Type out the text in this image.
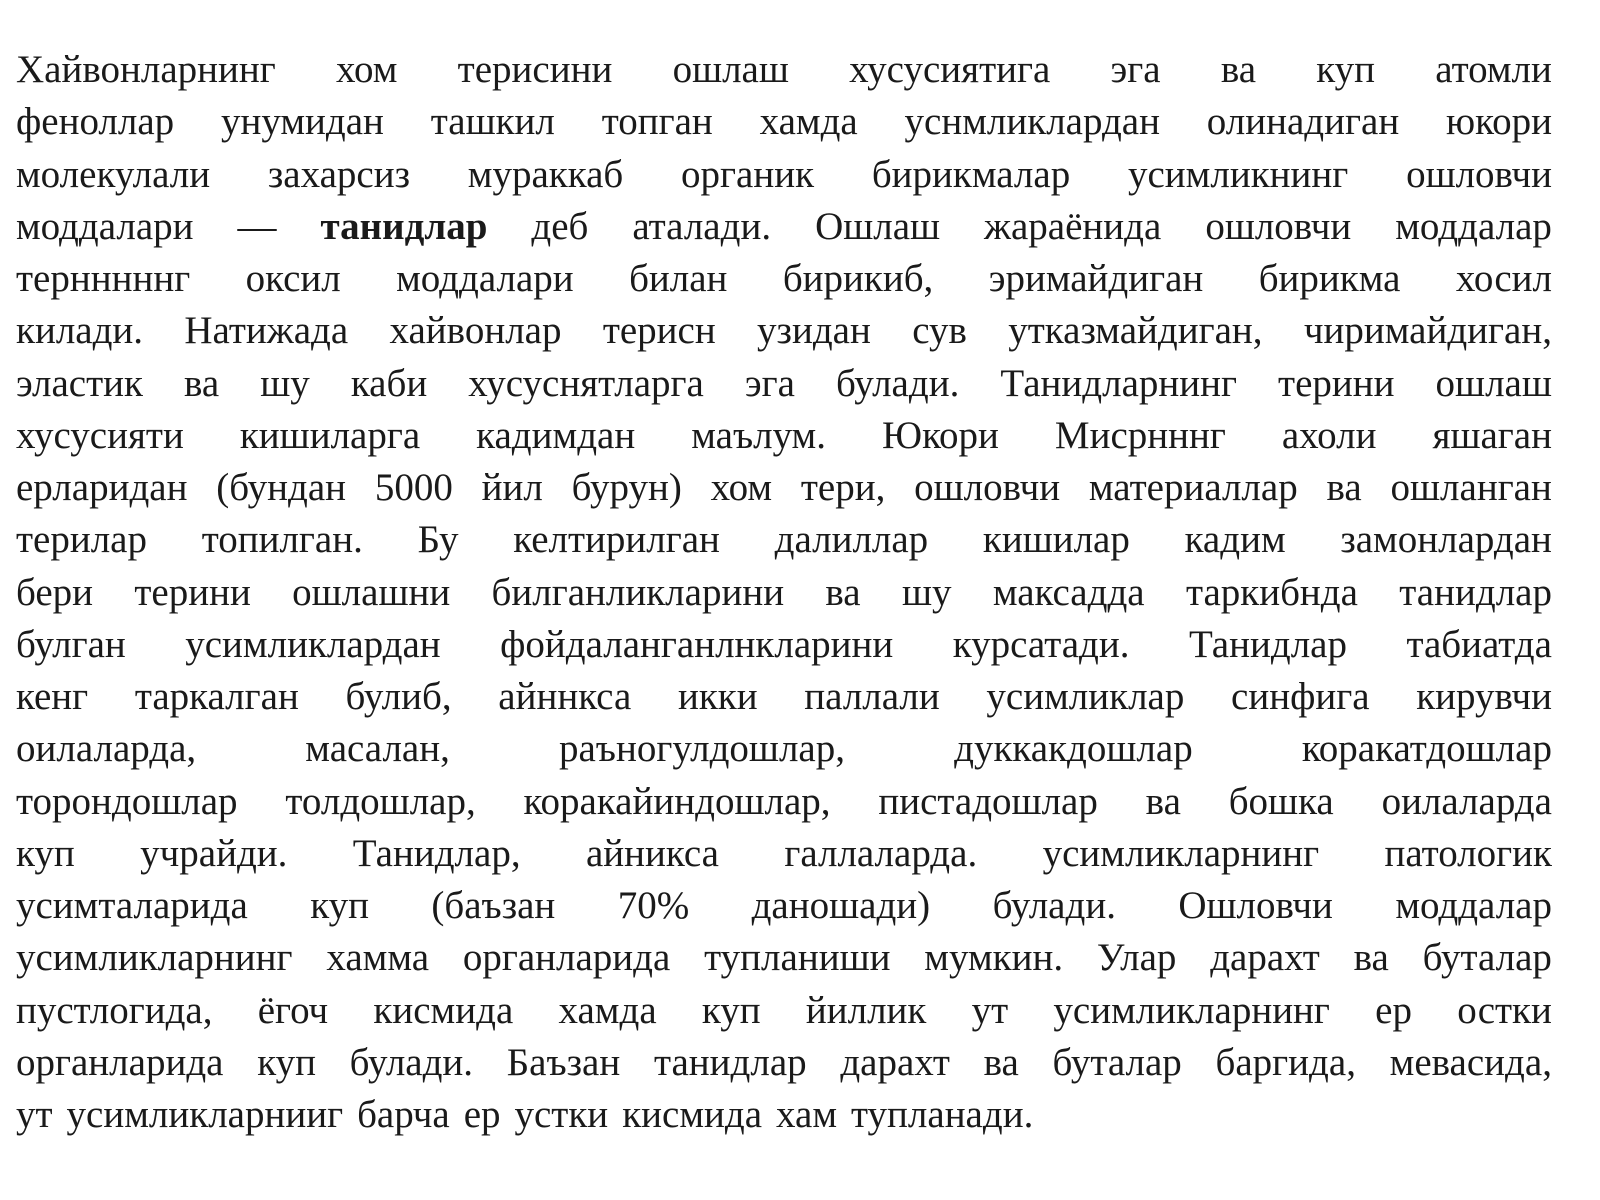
Хайвонларнинг хом терисини ошлаш хусусиятига эга ва куп атомли
феноллар унумидан ташкил топган хамда уснмликлардан олинадиган юкори
молекулали захарсиз мураккаб органик бирикмалар усимликнинг ошловчи
моддалари — танидлар деб аталади. Ошлаш жараёнида ошловчи моддалар
тернннннг оксил моддалари билан бирикиб, эримайдиган бирикма хосил
килади. Натижада хайвонлар терисн узидан сув утказмайдиган, чиримайдиган,
эластик ва шу каби хусуснятларга эга булади. Танидларнинг терини ошлаш
хусусияти кишиларга кадимдан маълум. Юкори Мисрнннг ахоли яшаган
ерларидан (бундан 5000 йил бурун) хом тери, ошловчи материаллар ва ошланган
терилар топилган. Бу келтирилган далиллар кишилар кадим замонлардан
бери терини ошлашни билганликларини ва шу максадда таркибнда танидлар
булган усимликлардан фойдаланганлнкларини курсатади. Танидлар табиатда
кенг таркалган булиб, айннкса икки паллали усимликлар синфига кирувчи
оилаларда,	масалан,	раъногулдошлар,	дуккакдошлар	коракатдошлар
торондошлар толдошлар, коракайиндошлар, пистадошлар ва бошка оилаларда
куп учрайди. Танидлар, айникса галлаларда. усимликларнинг патологик
усимталарида куп (баъзан 70% даношади) булади. Ошловчи моддалар
усимликларнинг хамма органларида тупланиши мумкин. Улар дарахт ва буталар
пустлогида, ёгоч кисмида хамда куп йиллик ут усимликларнинг ер остки
органларида куп булади. Баъзан танидлар дарахт ва буталар баргида, мевасида,
ут усимликларнииг барча ер устки кисмида хам тупланади.
